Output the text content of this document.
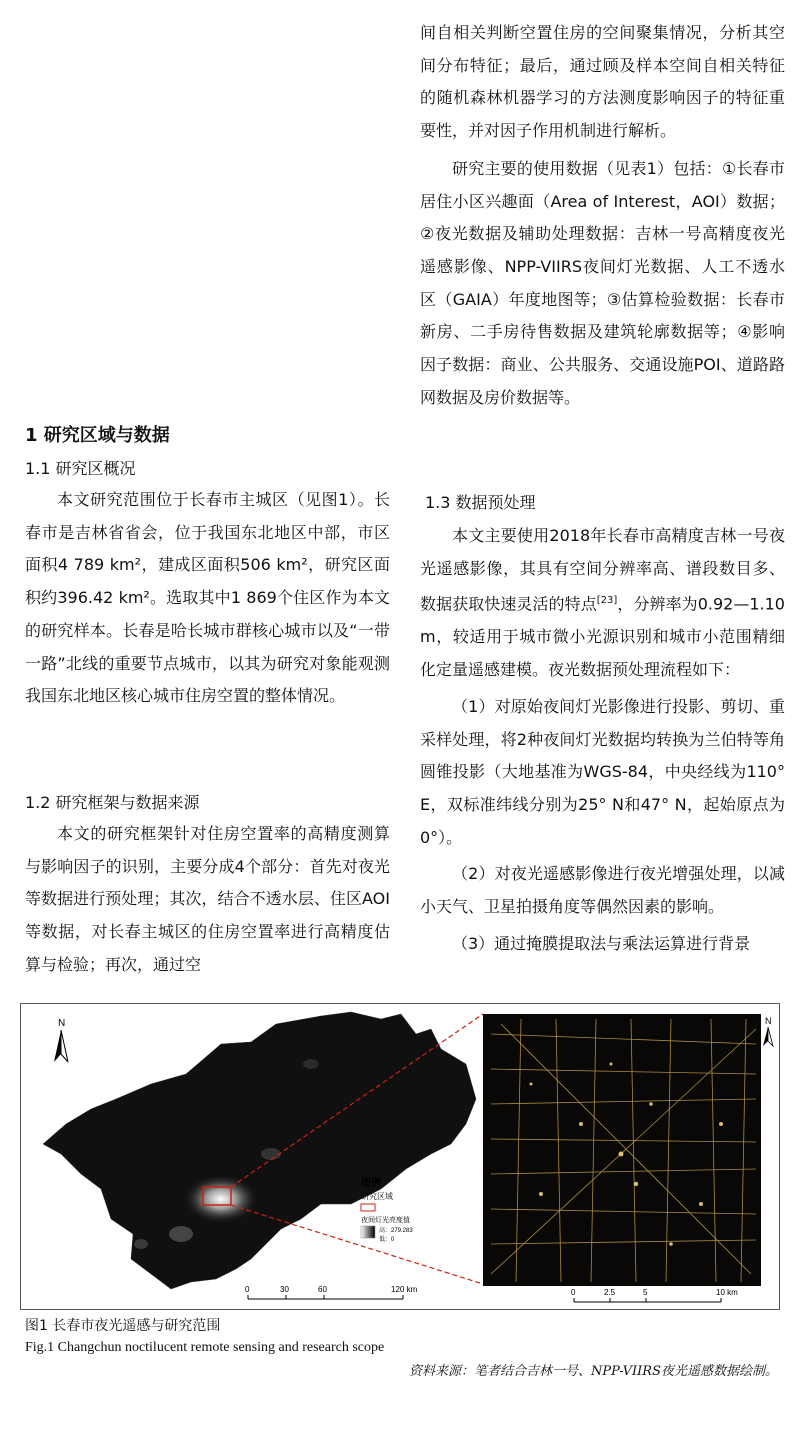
间自相关判断空置住房的空间聚集情况，分析其空间分布特征；最后，通过顾及样本空间自相关特征的随机森林机器学习的方法测度影响因子的特征重要性，并对因子作用机制进行解析。

研究主要的使用数据（见表1）包括：①长春市居住小区兴趣面（Area of Interest，AOI）数据；②夜光数据及辅助处理数据：吉林一号高精度夜光遥感影像、NPP-VIIRS夜间灯光数据、人工不透水区（GAIA）年度地图等；③估算检验数据：长春市新房、二手房待售数据及建筑轮廓数据等；④影响因子数据：商业、公共服务、交通设施POI、道路路网数据及房价数据等。

1 研究区域与数据
1.1 研究区概况

本文研究范围位于长春市主城区（见图1）。长春市是吉林省省会，位于我国东北地区中部，市区面积4 789 km²，建成区面积506 km²，研究区面积约396.42 km²。选取其中1 869个住区作为本文的研究样本。长春是哈长城市群核心城市以及“一带一路”北线的重要节点城市，以其为研究对象能观测我国东北地区核心城市住房空置的整体情况。

1.2 研究框架与数据来源

本文的研究框架针对住房空置率的高精度测算与影响因子的识别，主要分成4个部分：首先对夜光等数据进行预处理；其次，结合不透水层、住区AOI等数据，对长春主城区的住房空置率进行高精度估算与检验；再次，通过空

1.3 数据预处理

本文主要使用2018年长春市高精度吉林一号夜光遥感影像，其具有空间分辨率高、谱段数目多、数据获取快速灵活的特点[23]，分辨率为0.92—1.10 m，较适用于城市微小光源识别和城市小范围精细化定量遥感建模。夜光数据预处理流程如下：

（1）对原始夜间灯光影像进行投影、剪切、重采样处理，将2种夜间灯光数据均转换为兰伯特等角圆锥投影（大地基准为WGS-84，中央经线为110° E，双标准纬线分别为25° N和47° N，起始原点为0°）。

（2）对夜光遥感影像进行夜光增强处理，以减小天气、卫星拍摄角度等偶然因素的影响。

（3）通过掩膜提取法与乘法运算进行背景

N
图例
研究区域
夜间灯光亮度值
高：279.283
低：0
0	30	60	120 km
N
0	2.5	5	10 km
图1 长春市夜光遥感与研究范围
Fig.1 Changchun noctilucent remote sensing and research scope
资料来源：笔者结合吉林一号、NPP-VIIRS夜光遥感数据绘制。
